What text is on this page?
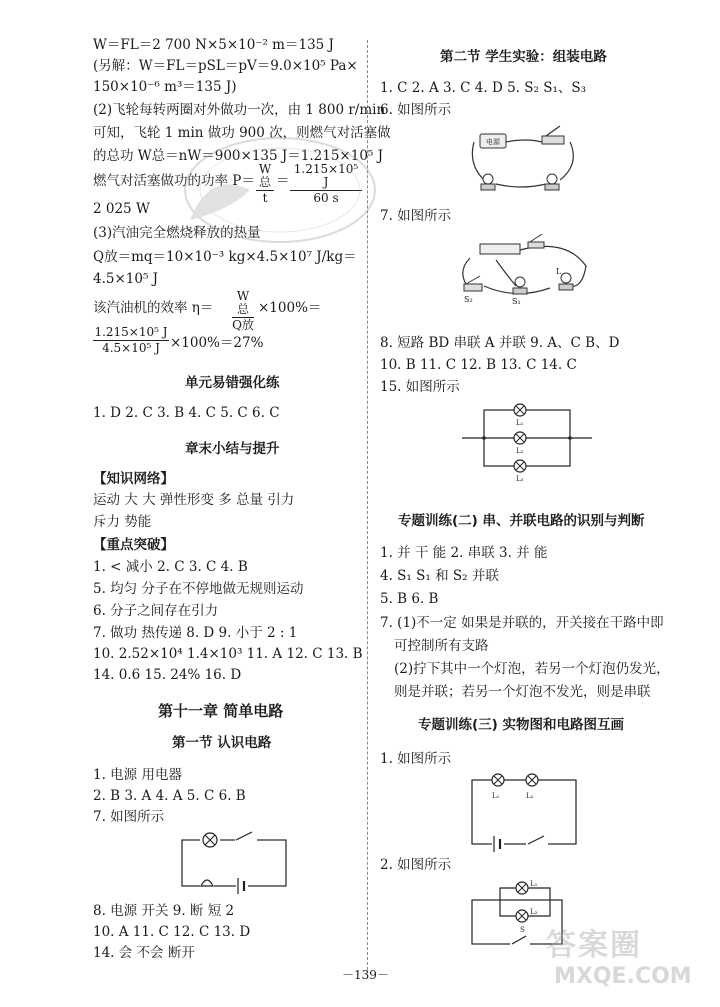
W＝FL＝2 700 N×5×10⁻² m＝135 J
(另解：W＝FL＝pSL＝pV＝9.0×10⁵ Pa×
150×10⁻⁶ m³＝135 J)
(2)飞轮每转两圈对外做功一次，由 1 800 r/min
可知，飞轮 1 min 做功 900 次，则燃气对活塞做
的总功 W总＝nW＝900×135 J＝1.215×10⁵ J
燃气对活塞做功的功率 P＝
W总
t
＝
1.215×10⁵ J
60 s
2 025 W
(3)汽油完全燃烧释放的热量
Q放＝mq＝10×10⁻³ kg×4.5×10⁷ J/kg＝
4.5×10⁵ J
该汽油机的效率 η＝
W总
Q放
×100%＝
1.215×10⁵ J
4.5×10⁵ J ×100%＝27%
单元易错强化练
1. D 2. C 3. B 4. C 5. C 6. C
章末小结与提升
【知识网络】
运动 大 大 弹性形变 多 总量 引力
斥力 势能
【重点突破】
1. < 减小 2. C 3. C 4. B
5. 均匀 分子在不停地做无规则运动
6. 分子之间存在引力
7. 做功 热传递 8. D 9. 小于 2 : 1
10. 2.52×10⁴ 1.4×10³ 11. A 12. C 13. B
14. 0.6 15. 24% 16. D
第十一章 简单电路
第一节 认识电路
1. 电源 用电器
2. B 3. A 4. A 5. C 6. B
7. 如图所示
8. 电源 开关 9. 断 短 2
10. A 11. C 12. C 13. D
14. 会 不会 断开
第二节 学生实验：组装电路
1. C 2. A 3. C 4. D 5. S₂ S₁、S₃
6. 如图所示
电源
7. 如图所示
S₂	S₁
L
8. 短路 BD 串联 A 并联 9. A、C B、D
10. B 11. C 12. B 13. C 14. C
15. 如图所示
L₁
L₂
L₃
专题训练(二) 串、并联电路的识别与判断
1. 并 干 能 2. 串联 3. 并 能
4. S₁ S₁ 和 S₂ 并联
5. B 6. B
7. (1)不一定 如果是并联的，开关接在干路中即
可控制所有支路
(2)拧下其中一个灯泡，若另一个灯泡仍发光，
则是并联；若另一个灯泡不发光，则是串联
专题训练(三) 实物图和电路图互画
1. 如图所示
L₁	L₂
2. 如图所示
L₁
L₂
S
－139－
答案圈
MXQE.COM
